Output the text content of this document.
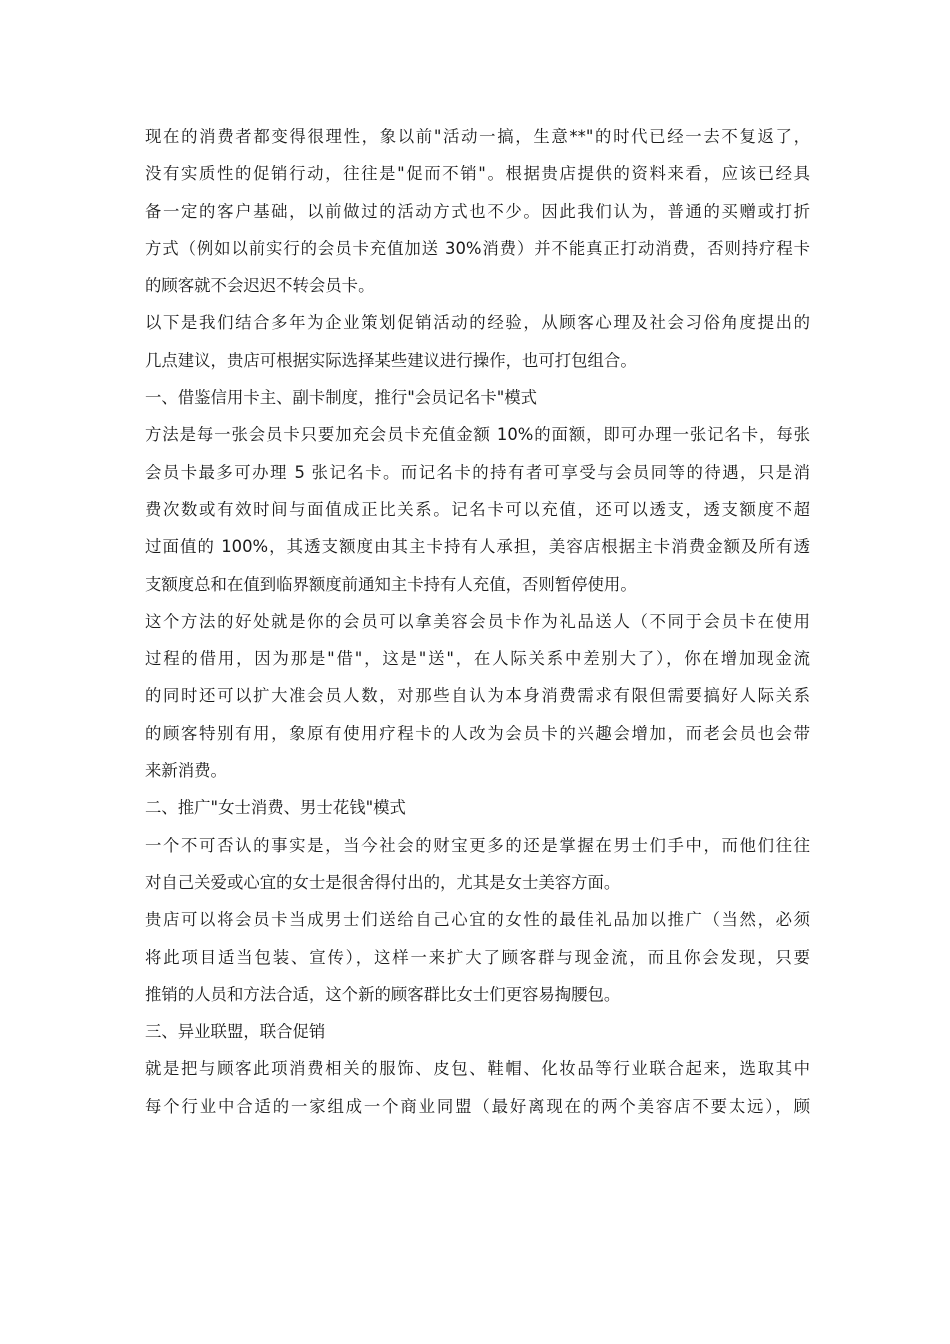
现在的消费者都变得很理性，象以前"活动一搞，生意**"的时代已经一去不复返了，

没有实质性的促销行动，往往是"促而不销"。根据贵店提供的资料来看，应该已经具

备一定的客户基础，以前做过的活动方式也不少。因此我们认为，普通的买赠或打折

方式（例如以前实行的会员卡充值加送 30%消费）并不能真正打动消费，否则持疗程卡

的顾客就不会迟迟不转会员卡。

以下是我们结合多年为企业策划促销活动的经验，从顾客心理及社会习俗角度提出的

几点建议，贵店可根据实际选择某些建议进行操作，也可打包组合。

一、借鉴信用卡主、副卡制度，推行"会员记名卡"模式

方法是每一张会员卡只要加充会员卡充值金额 10%的面额，即可办理一张记名卡，每张

会员卡最多可办理 5 张记名卡。而记名卡的持有者可享受与会员同等的待遇，只是消

费次数或有效时间与面值成正比关系。记名卡可以充值，还可以透支，透支额度不超

过面值的 100%，其透支额度由其主卡持有人承担，美容店根据主卡消费金额及所有透

支额度总和在值到临界额度前通知主卡持有人充值，否则暂停使用。

这个方法的好处就是你的会员可以拿美容会员卡作为礼品送人（不同于会员卡在使用

过程的借用，因为那是"借"，这是"送"，在人际关系中差别大了），你在增加现金流

的同时还可以扩大准会员人数，对那些自认为本身消费需求有限但需要搞好人际关系

的顾客特别有用，象原有使用疗程卡的人改为会员卡的兴趣会增加，而老会员也会带

来新消费。

二、推广"女士消费、男士花钱"模式

一个不可否认的事实是，当今社会的财宝更多的还是掌握在男士们手中，而他们往往

对自己关爱或心宜的女士是很舍得付出的，尤其是女士美容方面。

贵店可以将会员卡当成男士们送给自己心宜的女性的最佳礼品加以推广（当然，必须

将此项目适当包装、宣传），这样一来扩大了顾客群与现金流，而且你会发现，只要

推销的人员和方法合适，这个新的顾客群比女士们更容易掏腰包。

三、异业联盟，联合促销

就是把与顾客此项消费相关的服饰、皮包、鞋帽、化妆品等行业联合起来，选取其中

每个行业中合适的一家组成一个商业同盟（最好离现在的两个美容店不要太远），顾
